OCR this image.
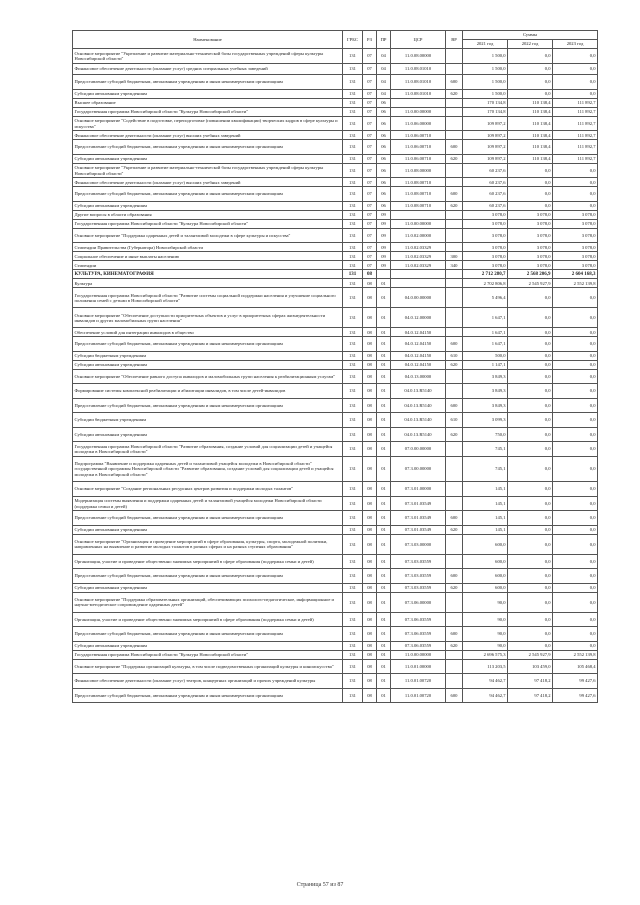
Наименование	ГРБС	РЗ	ПР	ЦСР	ВР	Суммы		
						2021 год	2022 год	2023 год
Основное мероприятие "Укрепление и развитие материально-технической базы государственных учреждений сферы культуры Новосибирской области"	131	07	04	11.0.08.00000		1 500,0	0,0	0,0
Финансовое обеспечение деятельности (оказание услуг) средних специальных учебных заведений	131	07	04	11.0.08.01010		1 500,0	0,0	0,0
Предоставление субсидий бюджетным, автономным учреждениям и иным некоммерческим организациям	131	07	04	11.0.08.01010	600	1 500,0	0,0	0,0
Субсидии автономным учреждениям	131	07	04	11.0.08.01010	620	1 500,0	0,0	0,0
Высшее образование	131	07	06			170 134,8	110 138,4	111 892,7
Государственная программа Новосибирской области "Культура Новосибирской области"	131	07	06	11.0.00.00000		170 134,8	110 138,4	111 892,7
Основное мероприятие "Содействие в подготовке, переподготовке (повышении квалификации) творческих кадров в сфере культуры и искусства"	131	07	06	11.0.06.00000		109 897,2	110 138,4	111 892,7
Финансовое обеспечение деятельности (оказание услуг) высших учебных заведений	131	07	06	11.0.06.00710		109 897,2	110 138,4	111 892,7
Предоставление субсидий бюджетным, автономным учреждениям и иным некоммерческим организациям	131	07	06	11.0.06.00710	600	109 897,2	110 138,4	111 892,7
Субсидии автономным учреждениям	131	07	06	11.0.06.00710	620	109 897,2	110 138,4	111 892,7
Основное мероприятие "Укрепление и развитие материально-технической базы государственных учреждений сферы культуры Новосибирской области"	131	07	06	11.0.08.00000		60 237,6	0,0	0,0
Финансовое обеспечение деятельности (оказание услуг) высших учебных заведений	131	07	06	11.0.08.00710		60 237,6	0,0	0,0
Предоставление субсидий бюджетным, автономным учреждениям и иным некоммерческим организациям	131	07	06	11.0.08.00710	600	60 237,6	0,0	0,0
Субсидии автономным учреждениям	131	07	06	11.0.08.00710	620	60 237,6	0,0	0,0
Другие вопросы в области образования	131	07	09			3 078,0	3 078,0	3 078,0
Государственная программа Новосибирской области "Культура Новосибирской области"	131	07	09	11.0.00.00000		3 078,0	3 078,0	3 078,0
Основное мероприятие "Поддержка одаренных детей и талантливой молодежи в сфере культуры и искусства"	131	07	09	11.0.02.00000		3 078,0	3 078,0	3 078,0
Стипендии Правительства (Губернатора) Новосибирской области	131	07	09	11.0.02.03329		3 078,0	3 078,0	3 078,0
Социальное обеспечение и иные выплаты населению	131	07	09	11.0.02.03329	300	3 078,0	3 078,0	3 078,0
Стипендии	131	07	09	11.0.02.03329	340	3 078,0	3 078,0	3 078,0
КУЛЬТУРА, КИНЕМАТОГРАФИЯ	131	08				2 712 280,7	2 568 206,9	2 604 168,3
Культура	131	08	01			2 702 806,8	2 545 927,9	2 552 139,8
Государственная программа Новосибирской области "Развитие системы социальной поддержки населения и улучшение социального положения семей с детьми в Новосибирской области"	131	08	01	04.0.00.00000		5 496,4	0,0	0,0
Основное мероприятие "Обеспечение доступности приоритетных объектов и услуг в приоритетных сферах жизнедеятельности инвалидов и других маломобильных групп населения"	131	08	01	04.0.12.00000		1 647,1	0,0	0,0
Обеспечение условий для интеграции инвалидов в общество	131	08	01	04.0.12.04150		1 647,1	0,0	0,0
Предоставление субсидий бюджетным, автономным учреждениям и иным некоммерческим организациям	131	08	01	04.0.12.04150	600	1 647,1	0,0	0,0
Субсидии бюджетным учреждениям	131	08	01	04.0.12.04150	610	500,0	0,0	0,0
Субсидии автономным учреждениям	131	08	01	04.0.12.04150	620	1 147,1	0,0	0,0
Основное мероприятие "Обеспечение равного доступа инвалидов и маломобильных групп населения к реабилитационным услугам"	131	08	01	04.0.13.00000		3 849,3	0,0	0,0
Формирование системы комплексной реабилитации и абилитации инвалидов, в том числе детей-инвалидов	131	08	01	04.0.13.R5140		3 849,3	0,0	0,0
Предоставление субсидий бюджетным, автономным учреждениям и иным некоммерческим организациям	131	08	01	04.0.13.R5140	600	3 849,3	0,0	0,0
Субсидии бюджетным учреждениям	131	08	01	04.0.13.R5140	610	3 099,3	0,0	0,0
Субсидии автономным учреждениям	131	08	01	04.0.13.R5140	620	750,0	0,0	0,0
Государственная программа Новосибирской области "Развитие образования, создание условий для социализации детей и учащейся молодежи в Новосибирской области"	131	08	01	07.0.00.00000		745,1	0,0	0,0
Подпрограмма "Выявление и поддержка одаренных детей и талантливой учащейся молодежи в Новосибирской области" государственной программы Новосибирской области "Развитие образования, создание условий для социализации детей и учащейся молодежи в Новосибирской области"	131	08	01	07.3.00.00000		745,1	0,0	0,0
Основное мероприятие "Создание региональных ресурсных центров развития и поддержки молодых талантов"	131	08	01	07.3.01.00000		145,1	0,0	0,0
Модернизация системы выявления и поддержки одаренных детей и талантливой учащейся молодежи Новосибирской области (поддержка семьи и детей)	131	08	01	07.3.01.03549		145,1	0,0	0,0
Предоставление субсидий бюджетным, автономным учреждениям и иным некоммерческим организациям	131	08	01	07.3.01.03549	600	145,1	0,0	0,0
Субсидии автономным учреждениям	131	08	01	07.3.01.03549	620	145,1	0,0	0,0
Основное мероприятие "Организация и проведение мероприятий в сфере образования, культуры, спорта, молодежной политики, направленных на выявление и развитие молодых талантов в разных сферах и на разных ступенях образования"	131	08	01	07.3.03.00000		600,0	0,0	0,0
Организация, участие и проведение общественно значимых мероприятий в сфере образования (поддержка семьи и детей)	131	08	01	07.3.03.03559		600,0	0,0	0,0
Предоставление субсидий бюджетным, автономным учреждениям и иным некоммерческим организациям	131	08	01	07.3.03.03559	600	600,0	0,0	0,0
Субсидии автономным учреждениям	131	08	01	07.3.03.03559	620	600,0	0,0	0,0
Основное мероприятие "Поддержка образовательных организаций, обеспечивающих психолого-педагогическое, информационное и научно-методическое сопровождение одаренных детей"	131	08	01	07.3.06.00000		90,0	0,0	0,0
Организация, участие и проведение общественно значимых мероприятий в сфере образования (поддержка семьи и детей)	131	08	01	07.3.06.03559		90,0	0,0	0,0
Предоставление субсидий бюджетным, автономным учреждениям и иным некоммерческим организациям	131	08	01	07.3.06.03559	600	90,0	0,0	0,0
Субсидии автономным учреждениям	131	08	01	07.3.06.03559	620	90,0	0,0	0,0
Государственная программа Новосибирской области "Культура Новосибирской области"	131	08	01	11.0.00.00000		2 696 575,3	2 545 927,9	2 552 139,8
Основное мероприятие "Поддержка организаций культуры, в том числе подведомственных организаций культуры и киноискусства"	131	08	01	11.0.01.00000		113 203,5	103 459,0	105 468,4
Финансовое обеспечение деятельности (оказание услуг) театров, концертных организаций и прочих учреждений культуры	131	08	01	11.0.01.00720		94 462,7	97 418,2	99 427,6
Предоставление субсидий бюджетным, автономным учреждениям и иным некоммерческим организациям	131	08	01	11.0.01.00720	600	94 462,7	97 418,2	99 427,6
Страница 57 из 87
